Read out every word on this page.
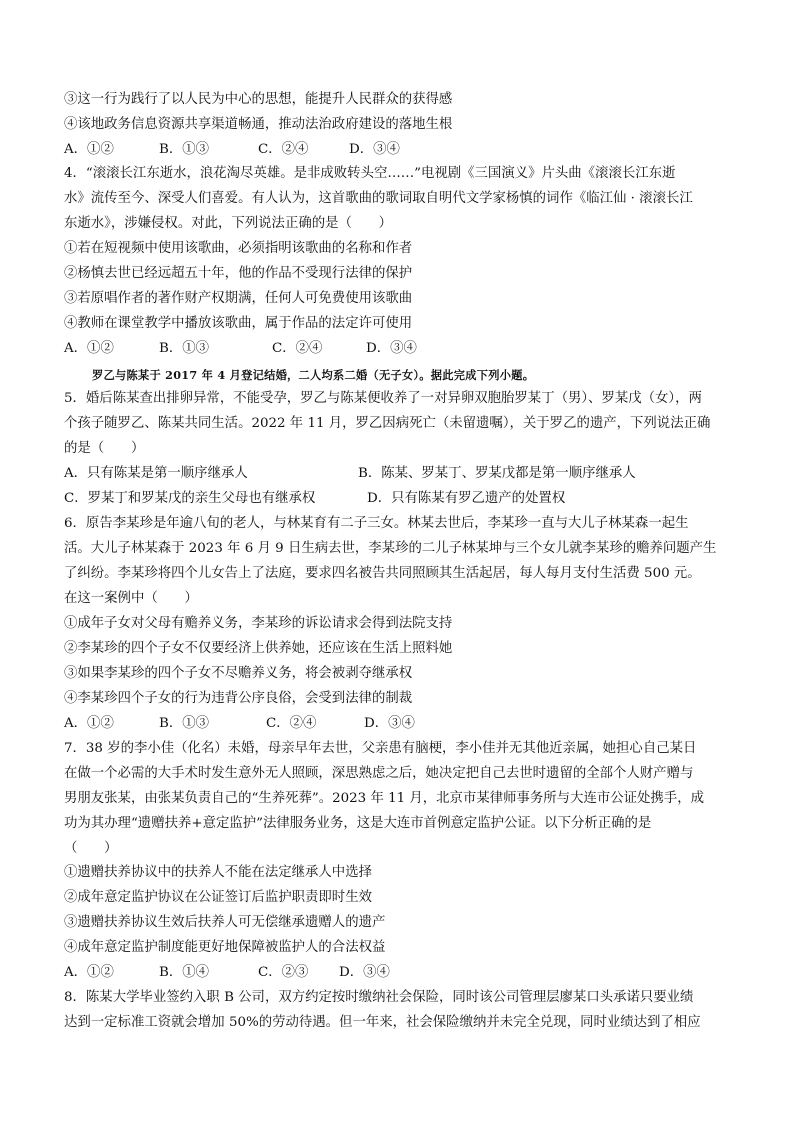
③这一行为践行了以人民为中心的思想，能提升人民群众的获得感
④该地政务信息资源共享渠道畅通，推动法治政府建设的落地生根
A．①②	B．①③	C．②④	D．③④
4．“滚滚长江东逝水，浪花淘尽英雄。是非成败转头空……”电视剧《三国演义》片头曲《滚滚长江东逝
水》流传至今、深受人们喜爱。有人认为，这首歌曲的歌词取自明代文学家杨慎的词作《临江仙 · 滚滚长江
东逝水》，涉嫌侵权。对此，下列说法正确的是（　　）
①若在短视频中使用该歌曲，必须指明该歌曲的名称和作者
②杨慎去世已经远超五十年，他的作品不受现行法律的保护
③若原唱作者的著作财产权期满，任何人可免费使用该歌曲
④教师在课堂教学中播放该歌曲，属于作品的法定许可使用
A．①②	B．①③	C．②④	D．③④
罗乙与陈某于 2017 年 4 月登记结婚，二人均系二婚（无子女）。据此完成下列小题。
5．婚后陈某查出排卵异常，不能受孕，罗乙与陈某便收养了一对异卵双胞胎罗某丁（男）、罗某戊（女），两
个孩子随罗乙、陈某共同生活。2022 年 11 月，罗乙因病死亡（未留遗嘱），关于罗乙的遗产，下列说法正确
的是（　　）
A．只有陈某是第一顺序继承人	B．陈某、罗某丁、罗某戊都是第一顺序继承人
C．罗某丁和罗某戊的亲生父母也有继承权	D．只有陈某有罗乙遗产的处置权
6．原告李某珍是年逾八旬的老人，与林某育有二子三女。林某去世后，李某珍一直与大儿子林某森一起生
活。大儿子林某森于 2023 年 6 月 9 日生病去世，李某珍的二儿子林某坤与三个女儿就李某珍的赡养问题产生
了纠纷。李某珍将四个儿女告上了法庭，要求四名被告共同照顾其生活起居，每人每月支付生活费 500 元。
在这一案例中（　　）
①成年子女对父母有赡养义务，李某珍的诉讼请求会得到法院支持
②李某珍的四个子女不仅要经济上供养她，还应该在生活上照料她
③如果李某珍的四个子女不尽赡养义务，将会被剥夺继承权
④李某珍四个子女的行为违背公序良俗，会受到法律的制裁
A．①②	B．①③	C．②④	D．③④
7．38 岁的李小佳（化名）未婚，母亲早年去世，父亲患有脑梗，李小佳并无其他近亲属，她担心自己某日
在做一个必需的大手术时发生意外无人照顾，深思熟虑之后，她决定把自己去世时遗留的全部个人财产赠与
男朋友张某，由张某负责自己的“生养死葬”。2023 年 11 月，北京市某律师事务所与大连市公证处携手，成
功为其办理“遗赠扶养+意定监护”法律服务业务，这是大连市首例意定监护公证。以下分析正确的是
（　　）
①遗赠扶养协议中的扶养人不能在法定继承人中选择
②成年意定监护协议在公证签订后监护职责即时生效
③遗赠扶养协议生效后扶养人可无偿继承遗赠人的遗产
④成年意定监护制度能更好地保障被监护人的合法权益
A．①②	B．①④	C．②③ D．③④
8．陈某大学毕业签约入职 B 公司，双方约定按时缴纳社会保险，同时该公司管理层廖某口头承诺只要业绩
达到一定标准工资就会增加 50%的劳动待遇。但一年来，社会保险缴纳并未完全兑现，同时业绩达到了相应
